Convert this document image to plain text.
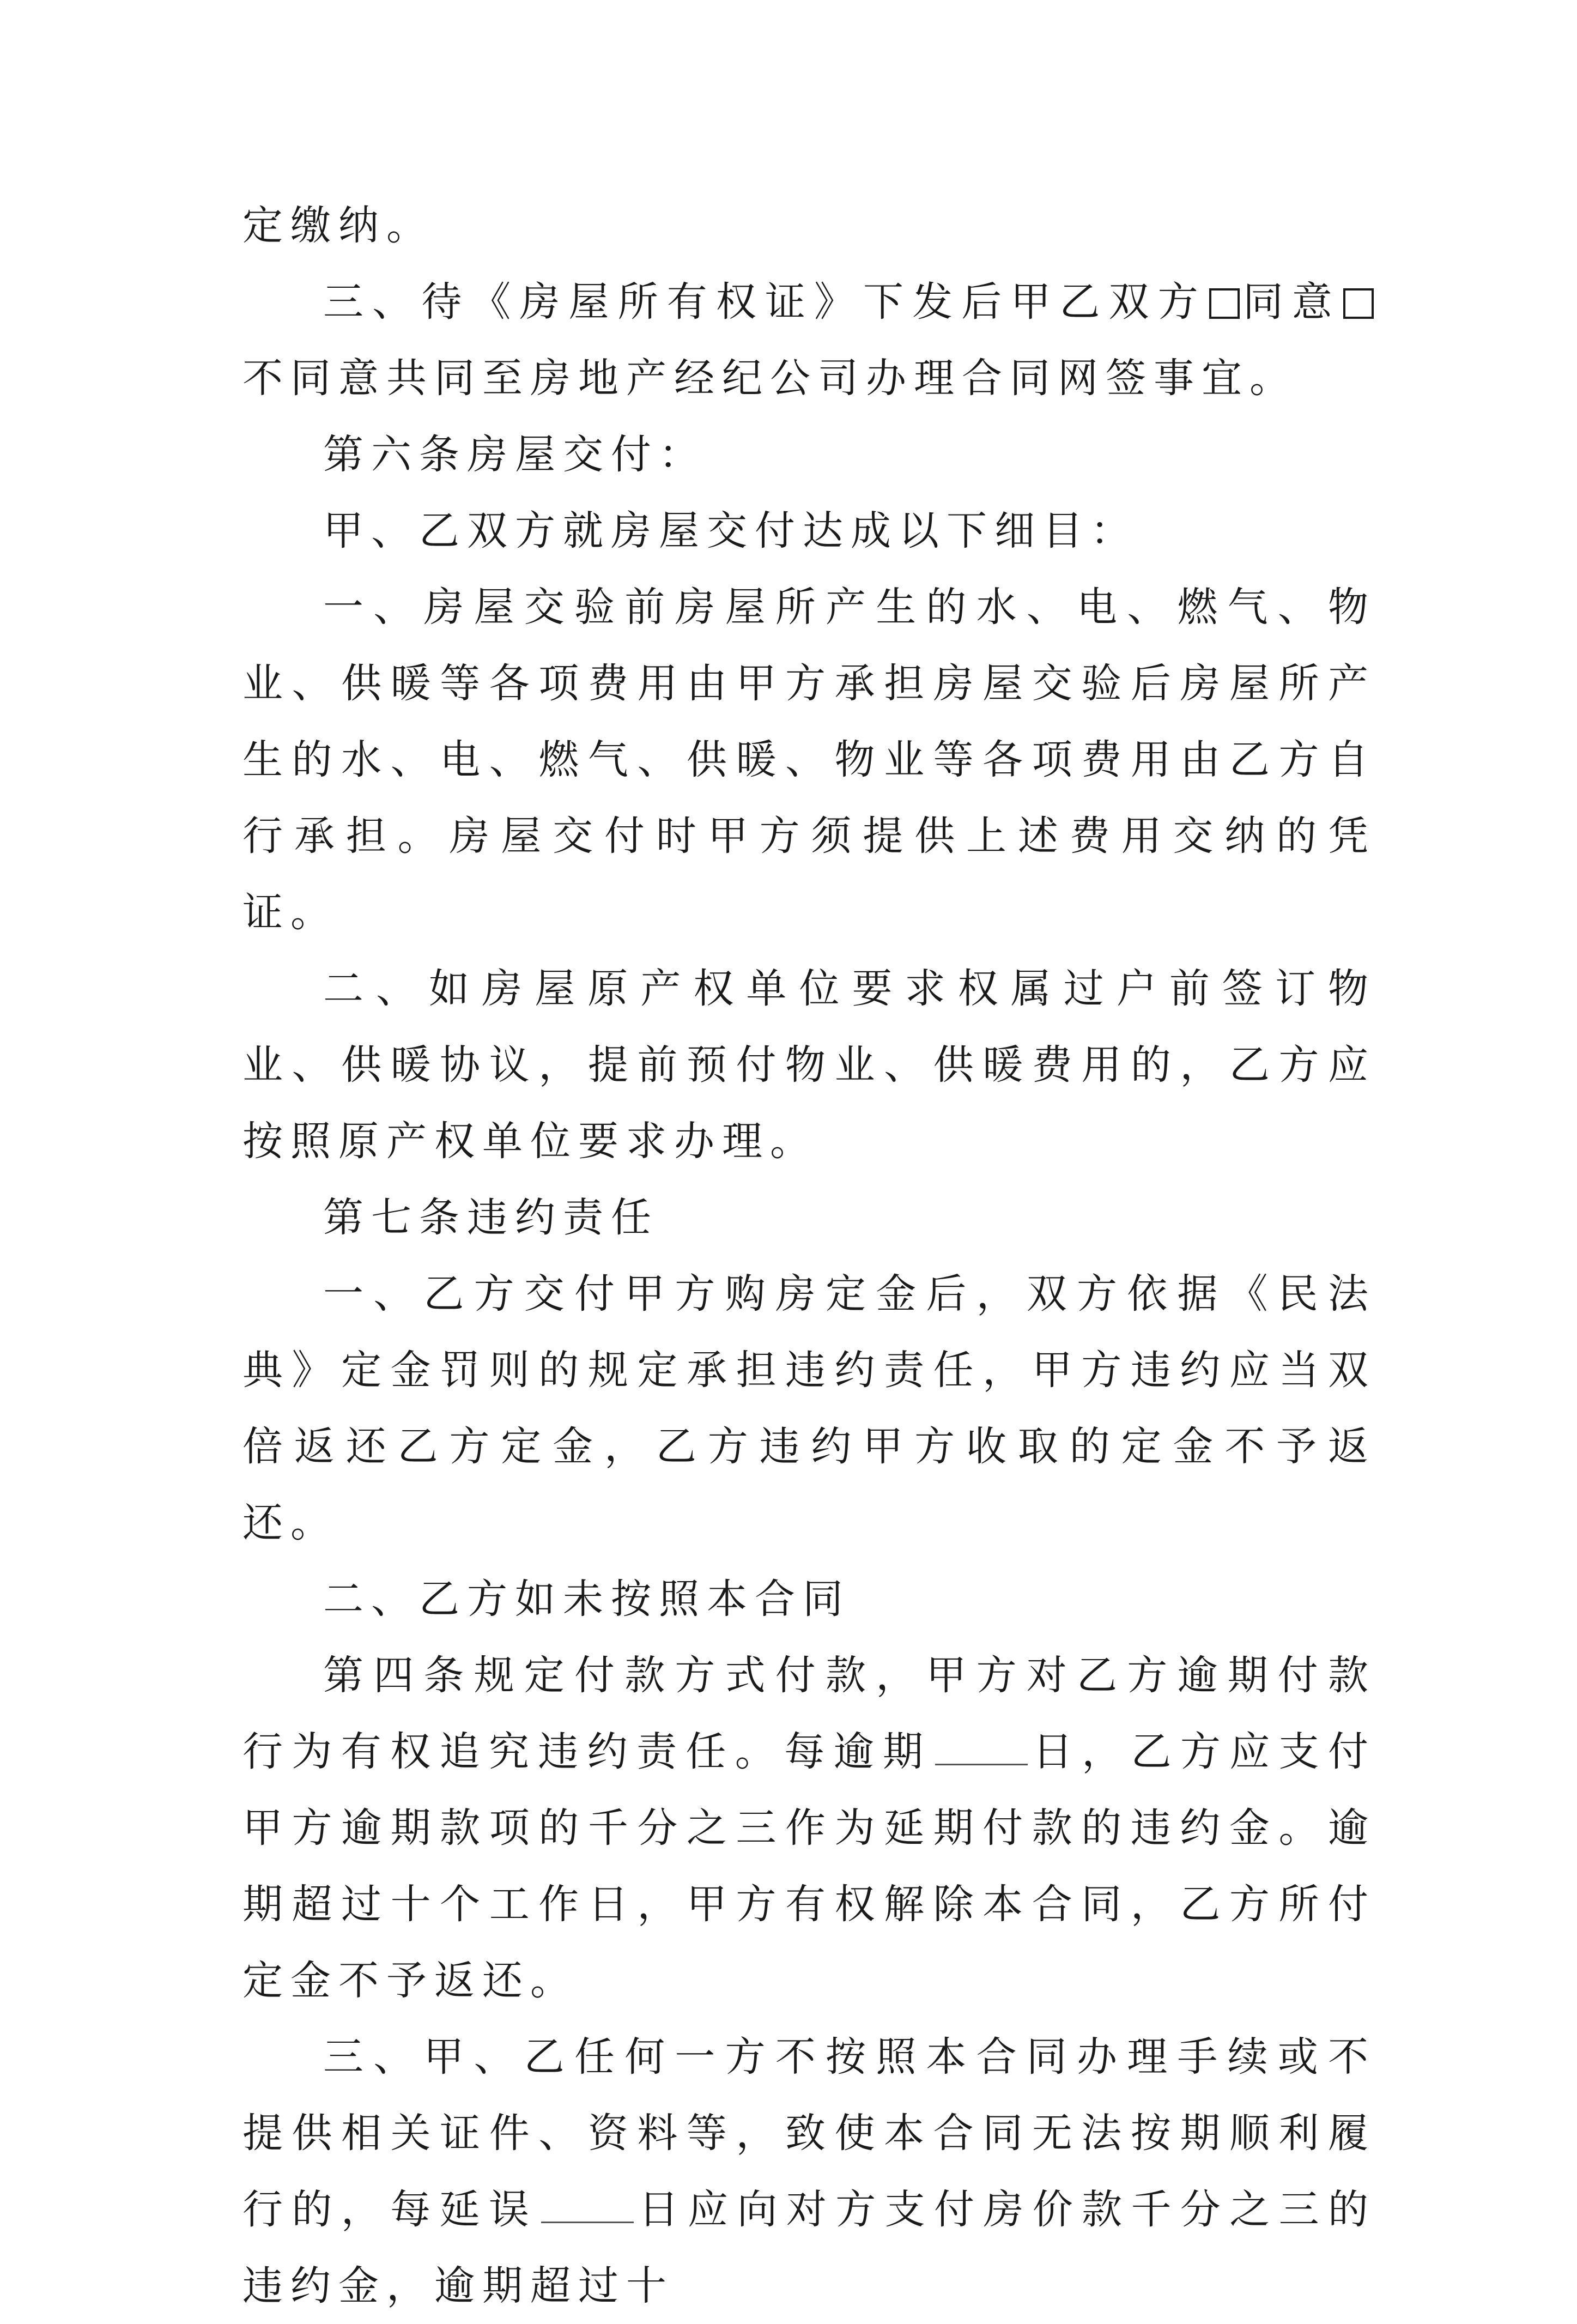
定缴纳。

三、待《房屋所有权证》下发后甲乙双方 同意不同意共同至房地产经纪公司办理合同网签事宜。

第六条房屋交付：

甲、乙双方就房屋交付达成以下细目：

一、房屋交验前房屋所产生的水、电、燃气、物业、供暖等各项费用由甲方承担房屋交验后房屋所产生的水、电、燃气、供暖、物业等各项费用由乙方自行承担。房屋交付时甲方须提供上述费用交纳的凭证。

二、如房屋原产权单位要求权属过户前签订物业、供暖协议，提前预付物业、供暖费用的，乙方应按照原产权单位要求办理。

第七条违约责任

一、乙方交付甲方购房定金后，双方依据《民法典》定金罚则的规定承担违约责任，甲方违约应当双倍返还乙方定金，乙方违约甲方收取的定金不予返还。

二、乙方如未按照本合同

第四条规定付款方式付款，甲方对乙方逾期付款行为有权追究违约责任。每逾期 日，乙方应支付甲方逾期款项的千分之三作为延期付款的违约金。逾期超过十个工作日，甲方有权解除本合同，乙方所付定金不予返还。

三、甲、乙任何一方不按照本合同办理手续或不提供相关证件、资料等，致使本合同无法按期顺利履行的，每延误 日应向对方支付房价款千分之三的违约金，逾期超过十
